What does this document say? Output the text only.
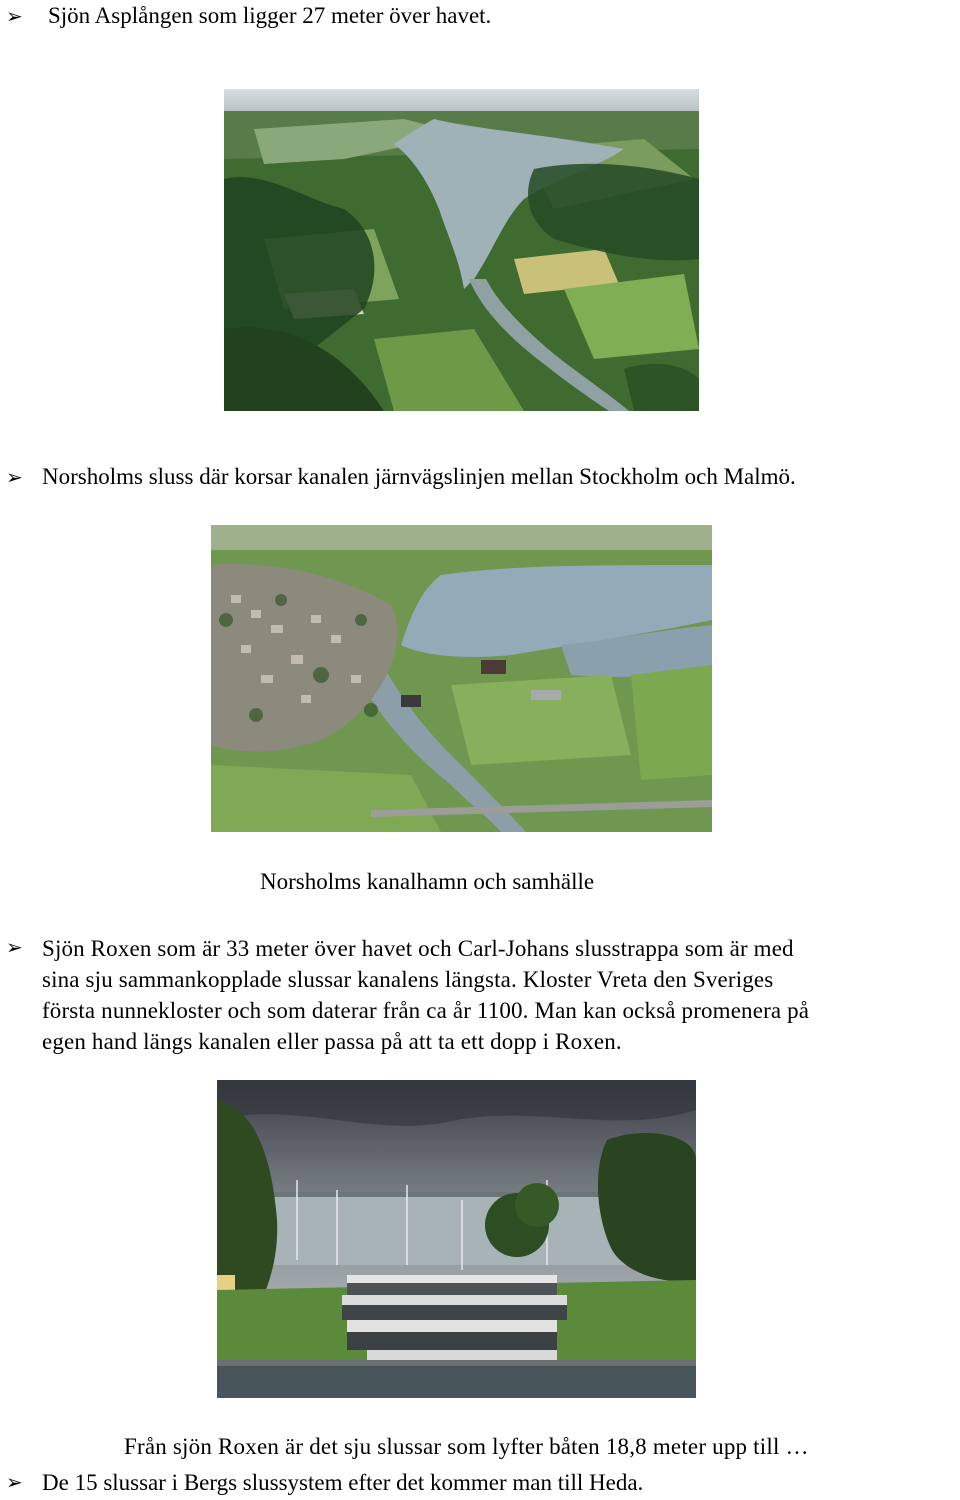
➢ Sjön Asplången som ligger 27 meter över havet.
➢ Norsholms sluss där korsar kanalen järnvägslinjen mellan Stockholm och Malmö.
Norsholms kanalhamn och samhälle
➢ Sjön Roxen som är 33 meter över havet och Carl-Johans slusstrappa som är med
sina sju sammankopplade slussar kanalens längsta. Kloster Vreta den Sveriges
första nunnekloster och som daterar från ca år 1100. Man kan också promenera på
egen hand längs kanalen eller passa på att ta ett dopp i Roxen.
Från sjön Roxen är det sju slussar som lyfter båten 18,8 meter upp till …
➢ De 15 slussar i Bergs slussystem efter det kommer man till Heda.
